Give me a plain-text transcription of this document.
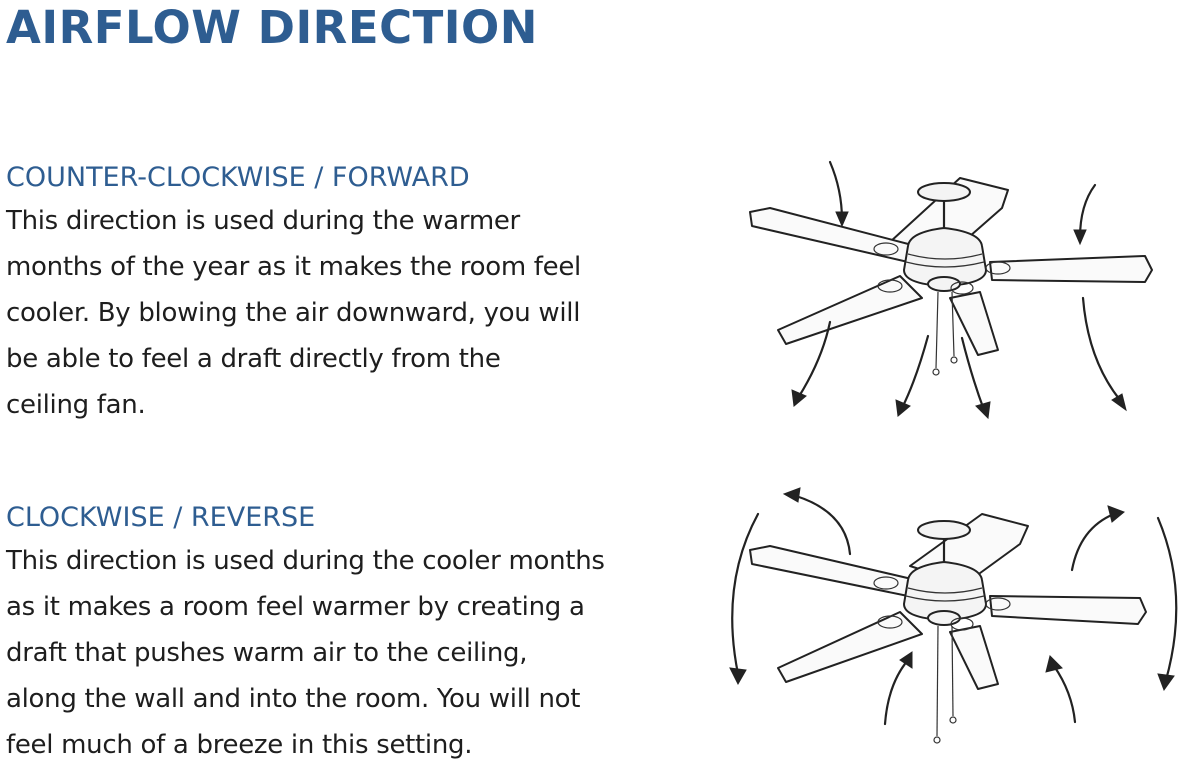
AIRFLOW DIRECTION
COUNTER-CLOCKWISE / FORWARD
This direction is used during the warmer
months of the year as it makes the room feel
cooler. By blowing the air downward, you will
be able to feel a draft directly from the
ceiling fan.
CLOCKWISE / REVERSE
This direction is used during the cooler months
as it makes a room feel warmer by creating a
draft that pushes warm air to the ceiling,
along the wall and into the room. You will not
feel much of a breeze in this setting.
